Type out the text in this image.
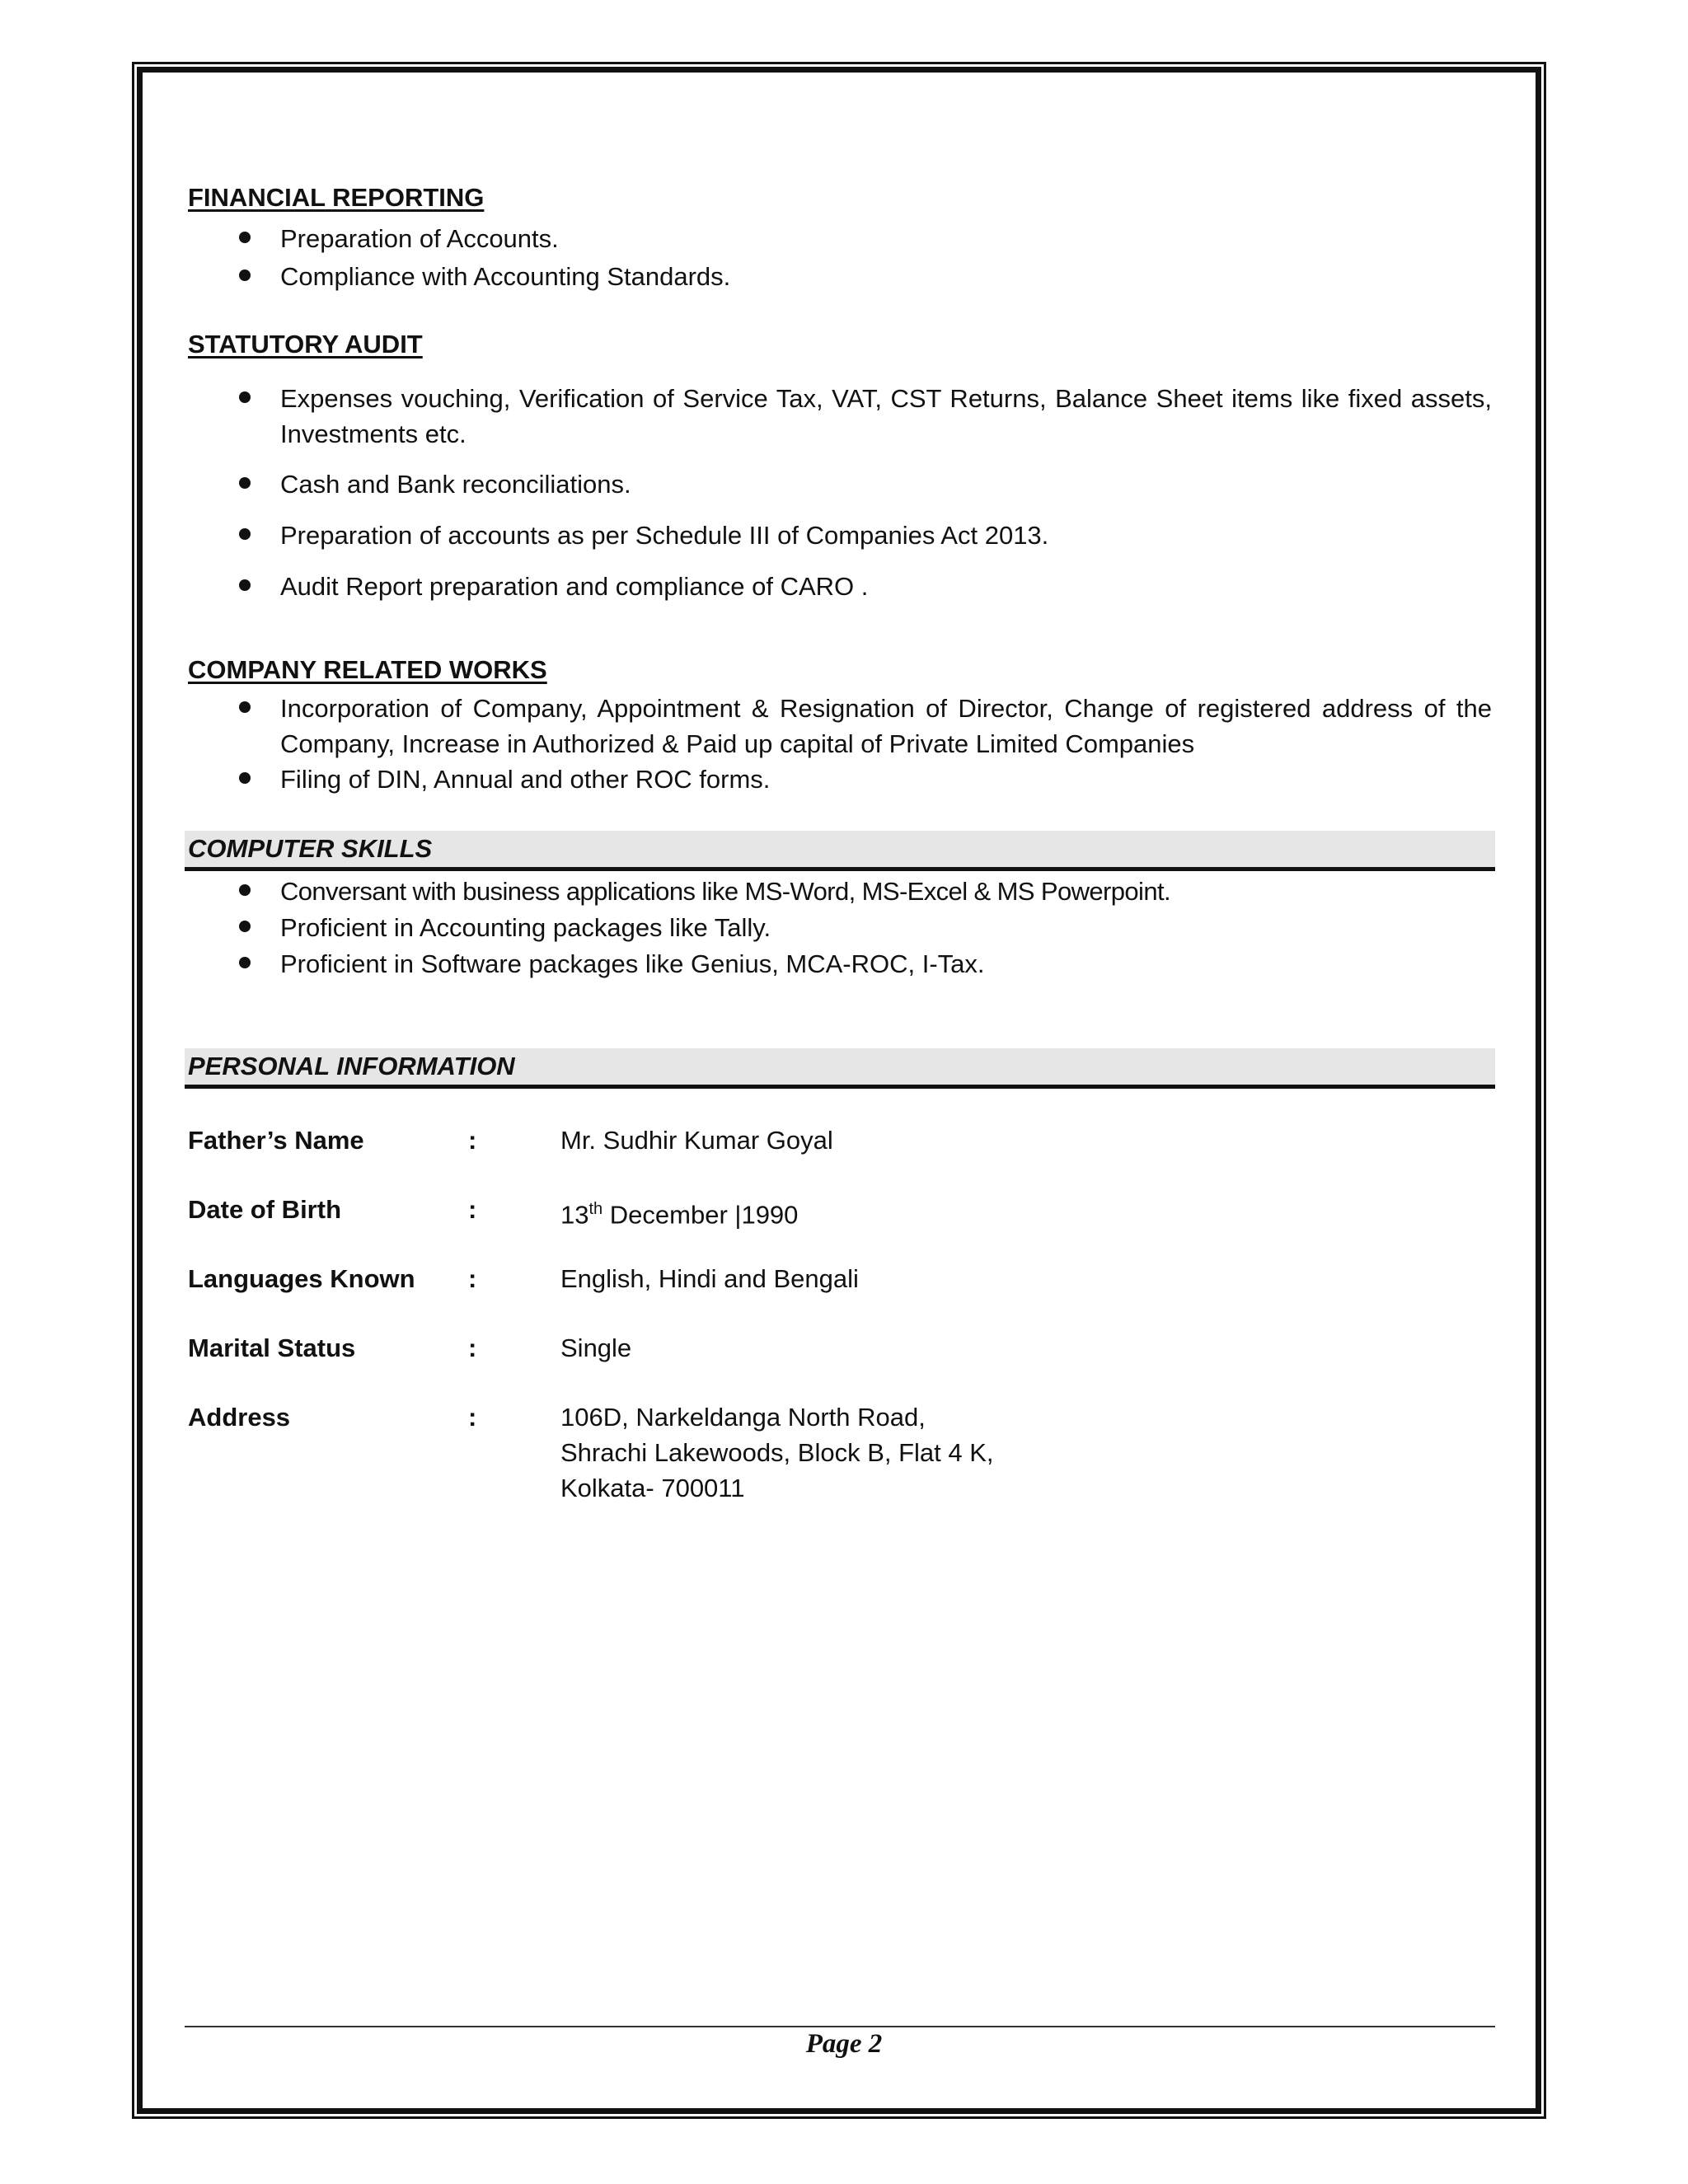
FINANCIAL REPORTING
Preparation of Accounts.
Compliance with Accounting Standards.
STATUTORY AUDIT
Expenses vouching, Verification of Service Tax, VAT, CST Returns, Balance Sheet items like fixed assets, Investments etc.
Cash and Bank reconciliations.
Preparation of accounts as per Schedule III of Companies Act 2013.
Audit Report preparation and compliance of CARO .
COMPANY RELATED WORKS
Incorporation of Company, Appointment & Resignation of Director, Change of registered address of the Company, Increase in Authorized & Paid up capital of Private Limited Companies
Filing of DIN, Annual and other ROC forms.
COMPUTER SKILLS
Conversant with business applications like MS-Word, MS-Excel & MS Powerpoint.
Proficient in Accounting packages like Tally.
Proficient in Software packages like Genius, MCA-ROC, I-Tax.
PERSONAL INFORMATION
Father’s Name	:	Mr. Sudhir Kumar Goyal
Date of Birth	:	13th December |1990
Languages Known :	English, Hindi and Bengali
Marital Status	:	Single
Address	:	106D, Narkeldanga North Road,
Shrachi Lakewoods, Block B, Flat 4 K,
Kolkata- 700011
Page 2
